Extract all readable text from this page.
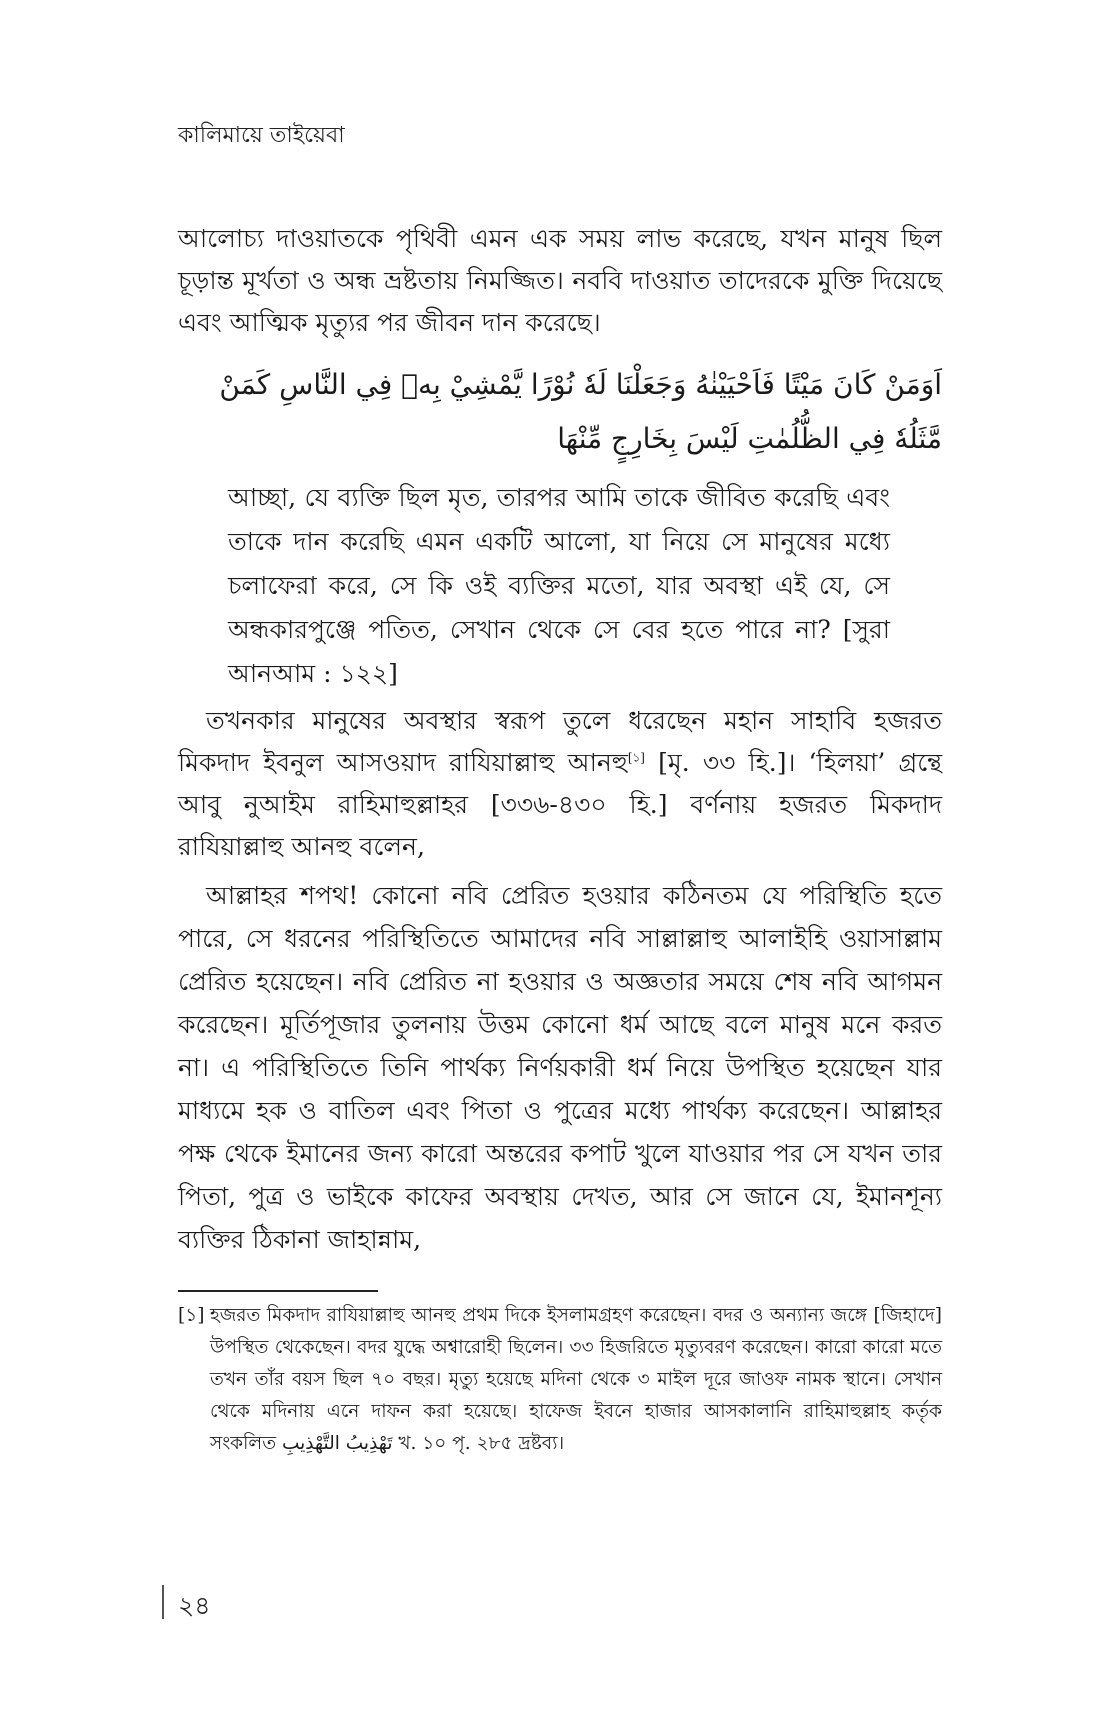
কালিমায়ে তাইয়েবা

আলোচ্য দাওয়াতকে পৃথিবী এমন এক সময় লাভ করেছে, যখন মানুষ ছিল চূড়ান্ত মূর্খতা ও অন্ধ ভ্রষ্টতায় নিমজ্জিত। নববি দাওয়াত তাদেরকে মুক্তি দিয়েছে এবং আত্মিক মৃত্যুর পর জীবন দান করেছে।

اَوَمَنْ كَانَ مَيْتًا فَاَحْيَيْنٰهُ وَجَعَلْنَا لَهٗ نُوْرًا يَّمْشِيْ بِهٖ فِي النَّاسِ كَمَنْ مَّثَلُهٗ فِي الظُّلُمٰتِ لَيْسَ بِخَارِجٍ مِّنْهَا

আচ্ছা, যে ব্যক্তি ছিল মৃত, তারপর আমি তাকে জীবিত করেছি এবং তাকে দান করেছি এমন একটি আলো, যা নিয়ে সে মানুষের মধ্যে চলাফেরা করে, সে কি ওই ব্যক্তির মতো, যার অবস্থা এই যে, সে অন্ধকারপুঞ্জে পতিত, সেখান থেকে সে বের হতে পারে না? [সুরা আনআম : ১২২]

তখনকার মানুষের অবস্থার স্বরূপ তুলে ধরেছেন মহান সাহাবি হজরত মিকদাদ ইবনুল আসওয়াদ রাযিয়াল্লাহু আনহু[১] [মৃ. ৩৩ হি.]। ‘হিলয়া’ গ্রন্থে আবু নুআইম রাহিমাহুল্লাহর [৩৩৬-৪৩০ হি.] বর্ণনায় হজরত মিকদাদ রাযিয়াল্লাহু আনহু বলেন,

আল্লাহর শপথ! কোনো নবি প্রেরিত হওয়ার কঠিনতম যে পরিস্থিতি হতে পারে, সে ধরনের পরিস্থিতিতে আমাদের নবি সাল্লাল্লাহু আলাইহি ওয়াসাল্লাম প্রেরিত হয়েছেন। নবি প্রেরিত না হওয়ার ও অজ্ঞতার সময়ে শেষ নবি আগমন করেছেন। মূর্তিপূজার তুলনায় উত্তম কোনো ধর্ম আছে বলে মানুষ মনে করত না। এ পরিস্থিতিতে তিনি পার্থক্য নির্ণয়কারী ধর্ম নিয়ে উপস্থিত হয়েছেন যার মাধ্যমে হক ও বাতিল এবং পিতা ও পুত্রের মধ্যে পার্থক্য করেছেন। আল্লাহর পক্ষ থেকে ইমানের জন্য কারো অন্তরের কপাট খুলে যাওয়ার পর সে যখন তার পিতা, পুত্র ও ভাইকে কাফের অবস্থায় দেখত, আর সে জানে যে, ইমানশূন্য ব্যক্তির ঠিকানা জাহান্নাম,

[১] হজরত মিকদাদ রাযিয়াল্লাহু আনহু প্রথম দিকে ইসলামগ্রহণ করেছেন। বদর ও অন্যান্য জঙ্গে [জিহাদে] উপস্থিত থেকেছেন। বদর যুদ্ধে অশ্বারোহী ছিলেন। ৩৩ হিজরিতে মৃত্যুবরণ করেছেন। কারো কারো মতে তখন তাঁর বয়স ছিল ৭০ বছর। মৃত্যু হয়েছে মদিনা থেকে ৩ মাইল দূরে জাওফ নামক স্থানে। সেখান থেকে মদিনায় এনে দাফন করা হয়েছে। হাফেজ ইবনে হাজার আসকালানি রাহিমাহুল্লাহ কর্তৃক সংকলিত تَهْذِيبُ التَّهْذِيبِ খ. ১০ পৃ. ২৮৫ দ্রষ্টব্য।
২৪
